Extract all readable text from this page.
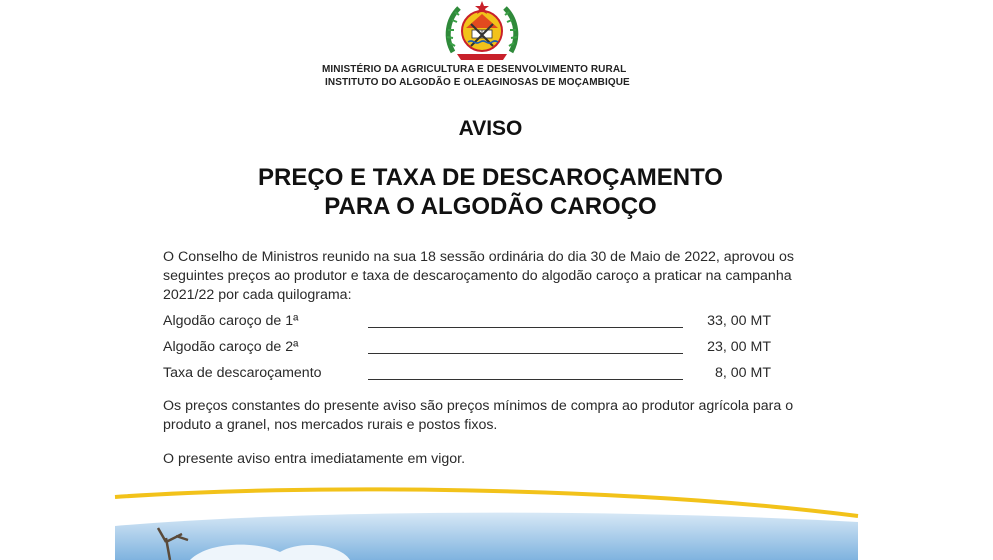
MINISTÉRIO DA AGRICULTURA E DESENVOLVIMENTO RURAL
INSTITUTO DO ALGODÃO E OLEAGINOSAS DE MOÇAMBIQUE
AVISO
PREÇO E TAXA DE DESCAROÇAMENTO
PARA O ALGODÃO CAROÇO
O Conselho de Ministros reunido na sua 18 sessão ordinária do dia 30 de Maio de 2022, aprovou os seguintes preços ao produtor e taxa de descaroçamento do algodão caroço a praticar na campanha 2021/22 por cada quilograma:
Algodão caroço de 1ª	33, 00 MT
Algodão caroço de 2ª	23, 00 MT
Taxa de descaroçamento	8, 00 MT
Os preços constantes do presente aviso são preços mínimos de compra ao produtor agrícola para o produto a granel, nos mercados rurais e postos fixos.
O presente aviso entra imediatamente em vigor.
